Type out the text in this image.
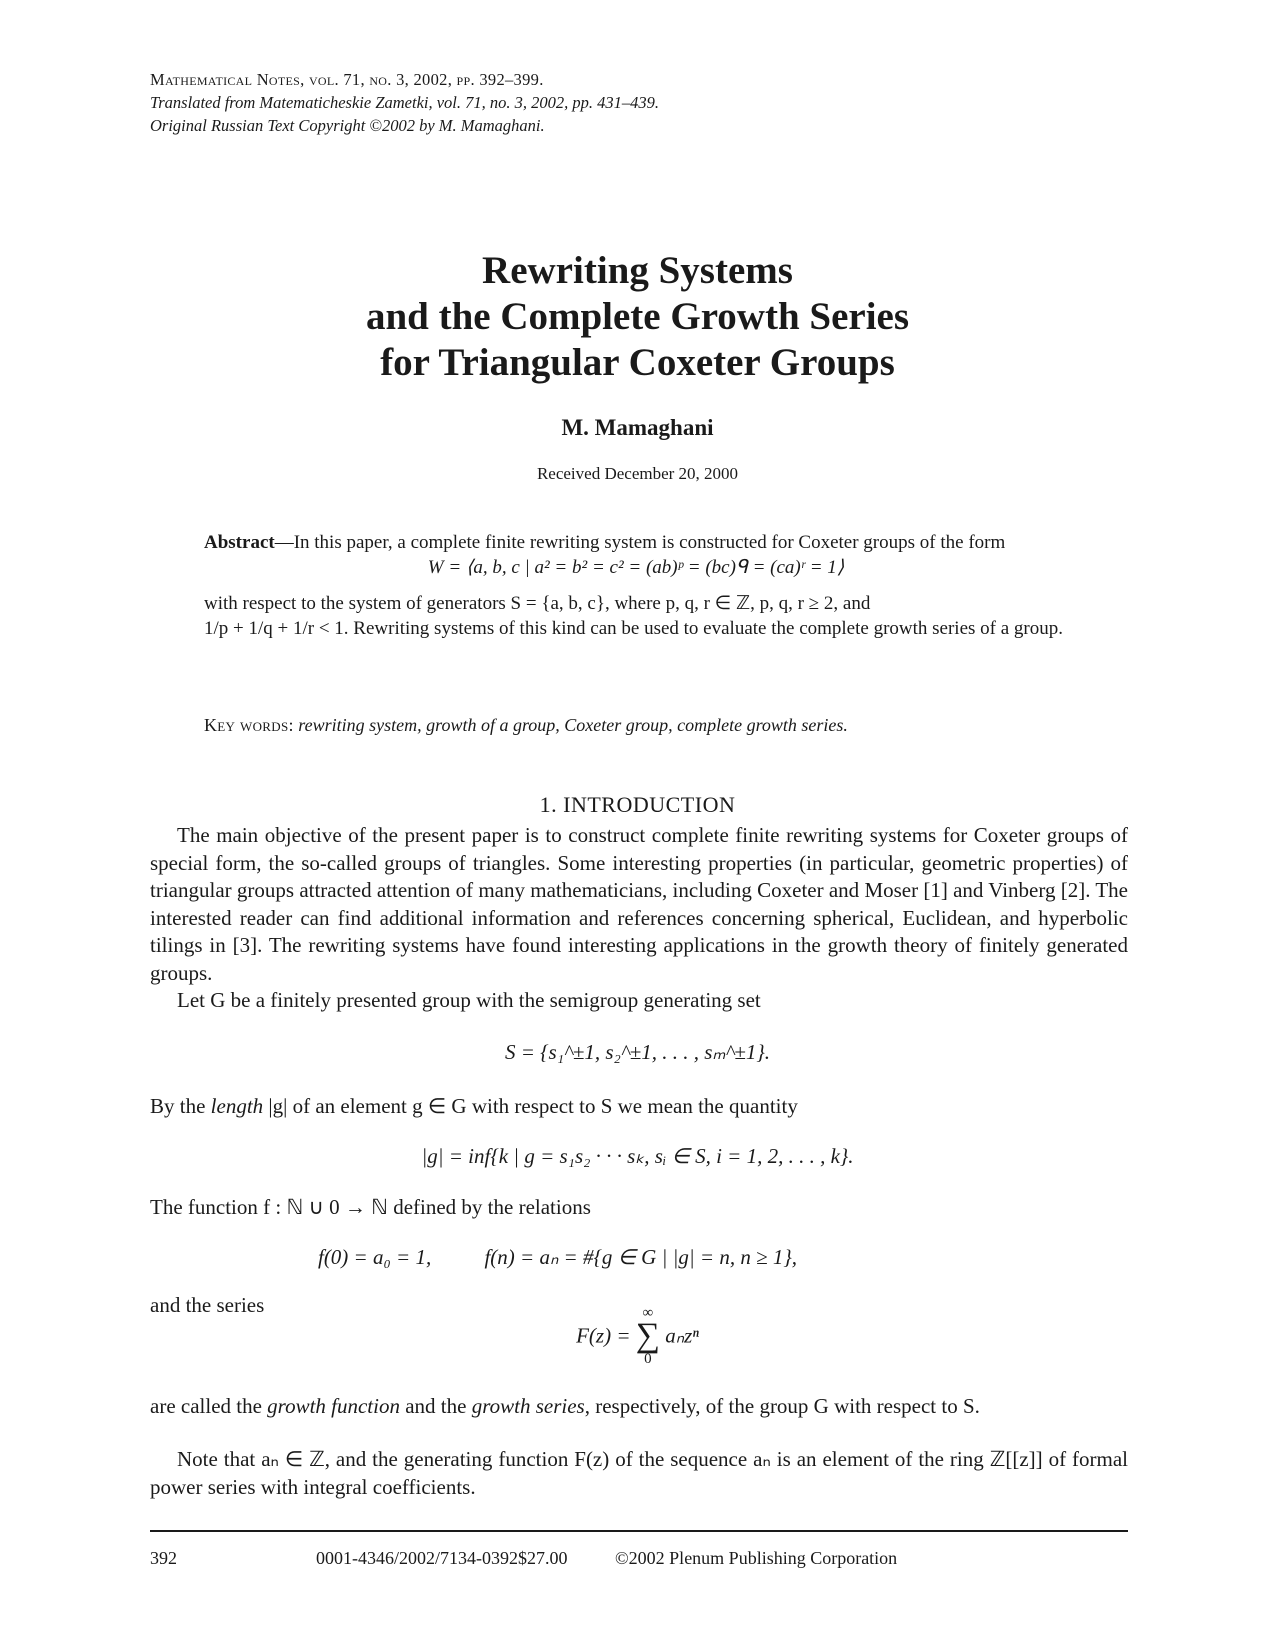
Mathematical Notes, vol. 71, no. 3, 2002, pp. 392–399.
Translated from Matematicheskie Zametki, vol. 71, no. 3, 2002, pp. 431–439.
Original Russian Text Copyright ©2002 by M. Mamaghani.
Rewriting Systems
and the Complete Growth Series
for Triangular Coxeter Groups
M. Mamaghani
Received December 20, 2000
Abstract—In this paper, a complete finite rewriting system is constructed for Coxeter groups of the form
W = ⟨a, b, c | a² = b² = c² = (ab)ᵖ = (bc)ᑫ = (ca)ʳ = 1⟩
with respect to the system of generators S = {a, b, c}, where p, q, r ∈ ℤ, p, q, r ≥ 2, and
1/p + 1/q + 1/r < 1. Rewriting systems of this kind can be used to evaluate the complete growth series of a group.
Key words: rewriting system, growth of a group, Coxeter group, complete growth series.
1. INTRODUCTION
The main objective of the present paper is to construct complete finite rewriting systems for Coxeter groups of special form, the so-called groups of triangles. Some interesting properties (in particular, geometric properties) of triangular groups attracted attention of many mathematicians, including Coxeter and Moser [1] and Vinberg [2]. The interested reader can find additional information and references concerning spherical, Euclidean, and hyperbolic tilings in [3]. The rewriting systems have found interesting applications in the growth theory of finitely generated groups.
Let G be a finitely presented group with the semigroup generating set
S = {s₁^±1, s₂^±1, . . . , sₘ^±1}.
By the length |g| of an element g ∈ G with respect to S we mean the quantity
|g| = inf{k | g = s₁s₂ · · · sₖ, sᵢ ∈ S, i = 1, 2, . . . , k}.
The function f : ℕ ∪ 0 → ℕ defined by the relations
f(0) = a₀ = 1,	f(n) = aₙ = #{g ∈ G | |g| = n, n ≥ 1},
and the series
F(z) =
∞
∑
0
aₙzⁿ
are called the growth function and the growth series, respectively, of the group G with respect to S.
Note that aₙ ∈ ℤ, and the generating function F(z) of the sequence aₙ is an element of the ring ℤ[[z]] of formal power series with integral coefficients.
392	0001-4346/2002/7134-0392$27.00	©2002 Plenum Publishing Corporation
